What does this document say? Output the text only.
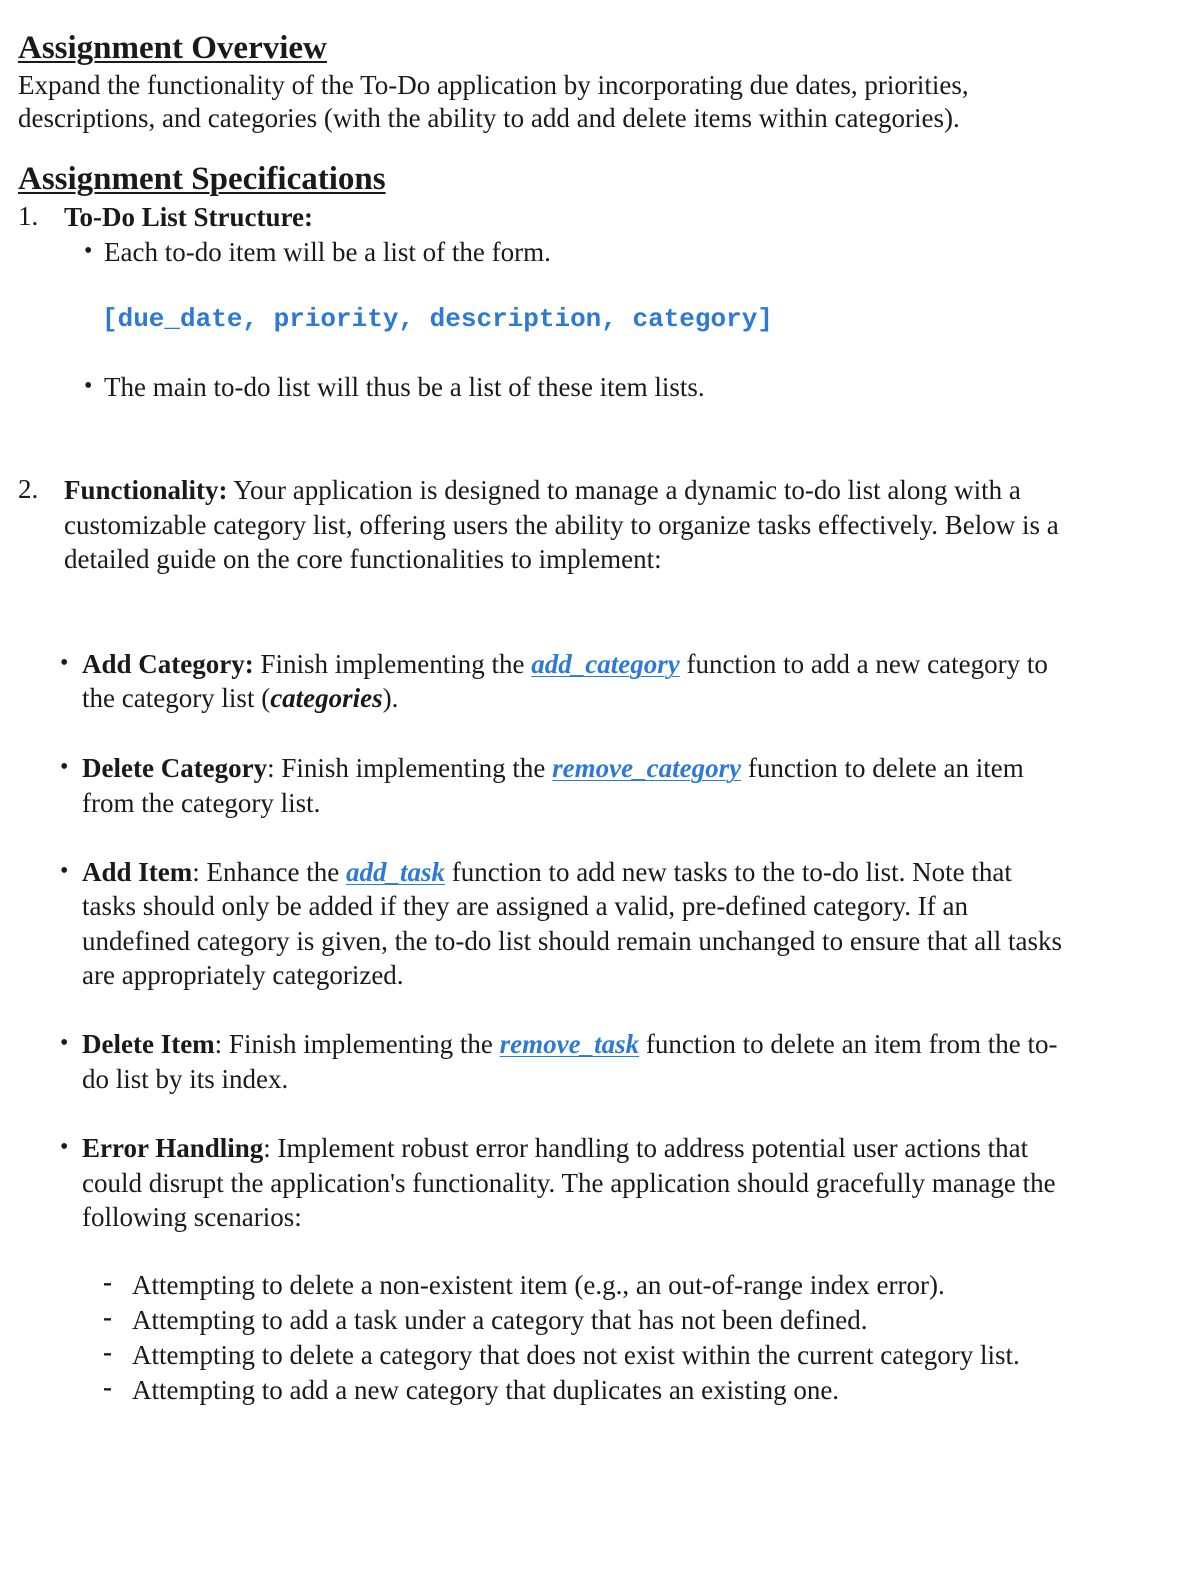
Assignment Overview
Expand the functionality of the To-Do application by incorporating due dates, priorities,
descriptions, and categories (with the ability to add and delete items within categories).
Assignment Specifications
1. To-Do List Structure:
• Each to-do item will be a list of the form.
[due_date, priority, description, category]
• The main to-do list will thus be a list of these item lists.
2. Functionality: Your application is designed to manage a dynamic to-do list along with a
customizable category list, offering users the ability to organize tasks effectively. Below is a
detailed guide on the core functionalities to implement:
• Add Category: Finish implementing the add_category function to add a new category to
the category list (categories).
• Delete Category: Finish implementing the remove_category function to delete an item
from the category list.
• Add Item: Enhance the add_task function to add new tasks to the to-do list. Note that
tasks should only be added if they are assigned a valid, pre-defined category. If an
undefined category is given, the to-do list should remain unchanged to ensure that all tasks
are appropriately categorized.
• Delete Item: Finish implementing the remove_task function to delete an item from the to-
do list by its index.
• Error Handling: Implement robust error handling to address potential user actions that
could disrupt the application's functionality. The application should gracefully manage the
following scenarios:
- Attempting to delete a non-existent item (e.g., an out-of-range index error).
- Attempting to add a task under a category that has not been defined.
- Attempting to delete a category that does not exist within the current category list.
- Attempting to add a new category that duplicates an existing one.
